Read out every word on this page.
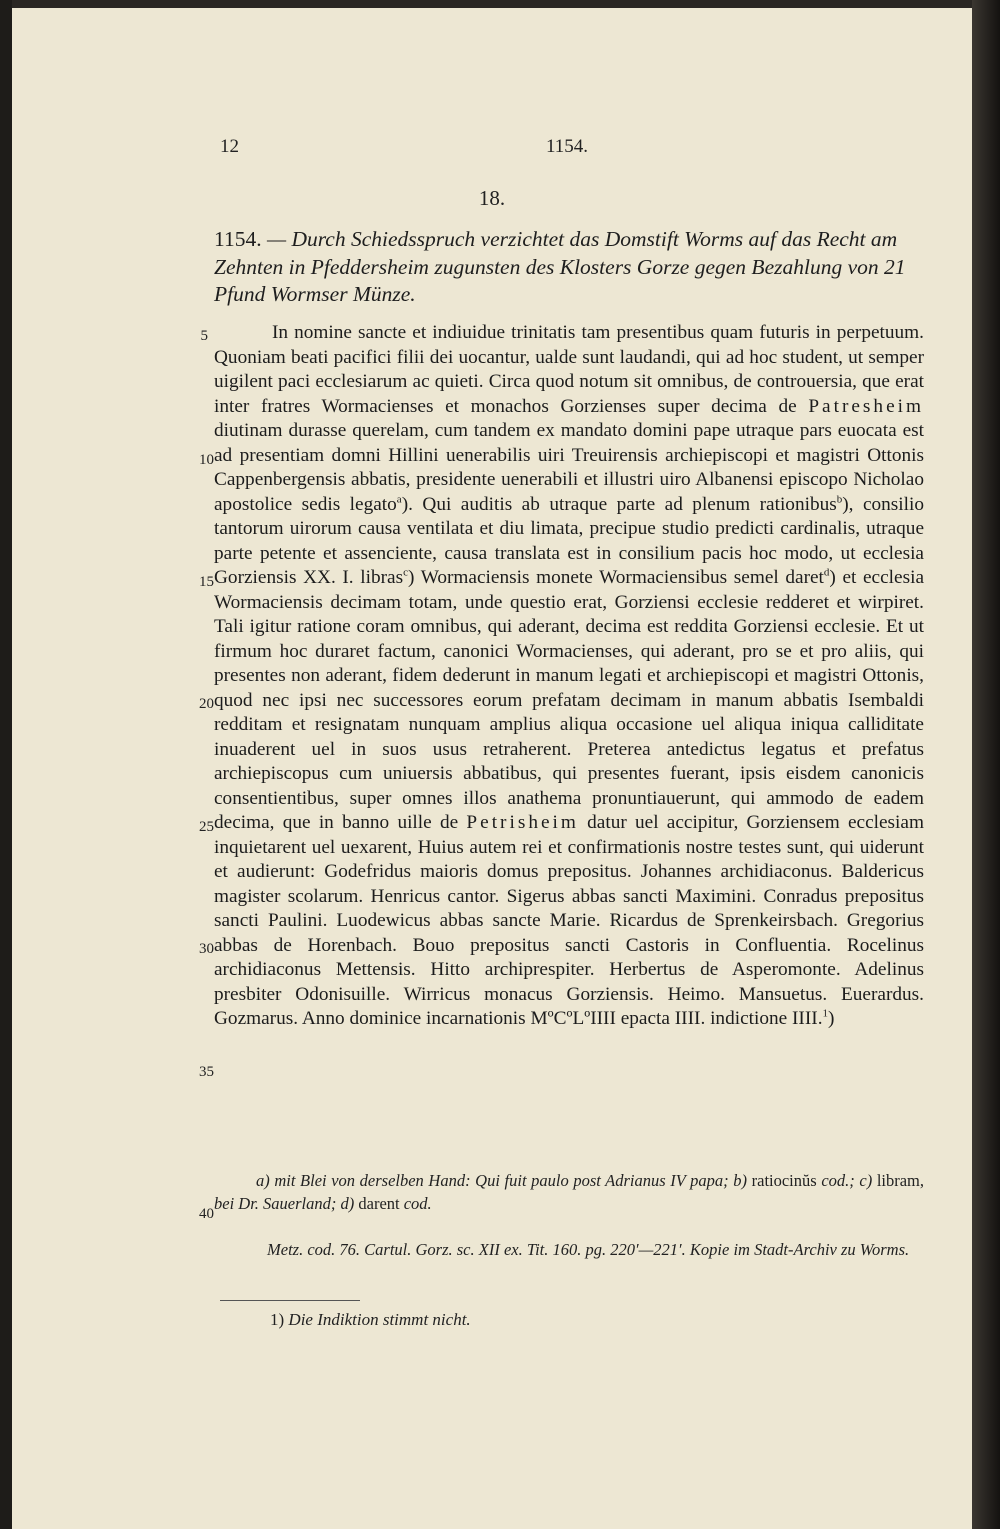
12	1154.
18.
1154. — Durch Schiedsspruch verzichtet das Domstift Worms auf das Recht am Zehnten in Pfeddersheim zugunsten des Klosters Gorze gegen Bezahlung von 21 Pfund Wormser Münze.
5
10
15
20
25
30
35
40

In nomine sancte et indiuidue trinitatis tam presentibus quam futuris in perpetuum. Quoniam beati pacifici filii dei uocantur, ualde sunt laudandi, qui ad hoc student, ut semper uigilent paci ecclesiarum ac quieti. Circa quod notum sit omnibus, de controuersia, que erat inter fratres Wormacienses et monachos Gorzienses super decima de Patresheim diutinam durasse querelam, cum tandem ex mandato domini pape utraque pars euocata est ad presentiam domni Hillini uenerabilis uiri Treuirensis archiepiscopi et magistri Ottonis Cappenbergensis abbatis, presidente uenerabili et illustri uiro Albanensi episcopo Nicholao apostolice sedis legato$^a$). Qui auditis ab utraque parte ad plenum rationibus$^b$), consilio tantorum uirorum causa ventilata et diu limata, precipue studio predicti cardinalis, utraque parte petente et assenciente, causa translata est in consilium pacis hoc modo, ut ecclesia Gorziensis XX. I. libras$^c$) Wormaciensis monete Wormaciensibus semel daret$^d$) et ecclesia Wormaciensis decimam totam, unde questio erat, Gorziensi ecclesie redderet et wirpiret. Tali igitur ratione coram omnibus, qui aderant, decima est reddita Gorziensi ecclesie. Et ut firmum hoc duraret factum, canonici Wormacienses, qui aderant, pro se et pro aliis, qui presentes non aderant, fidem dederunt in manum legati et archiepiscopi et magistri Ottonis, quod nec ipsi nec successores eorum prefatam decimam in manum abbatis Isembaldi redditam et resignatam nunquam amplius aliqua occasione uel aliqua iniqua calliditate inuaderent uel in suos usus retraherent. Preterea antedictus legatus et prefatus archiepiscopus cum uniuersis abbatibus, qui presentes fuerant, ipsis eisdem canonicis consentientibus, super omnes illos anathema pronuntiauerunt, qui ammodo de eadem decima, que in banno uille de Petrisheim datur uel accipitur, Gorziensem ecclesiam inquietarent uel uexarent, Huius autem rei et confirmationis nostre testes sunt, qui uiderunt et audierunt: Godefridus maioris domus prepositus. Johannes archidiaconus. Baldericus magister scolarum. Henricus cantor. Sigerus abbas sancti Maximini. Conradus prepositus sancti Paulini. Luodewicus abbas sancte Marie. Ricardus de Sprenkeirsbach. Gregorius abbas de Horenbach. Bouo prepositus sancti Castoris in Confluentia. Rocelinus archidiaconus Mettensis. Hitto archiprespiter. Herbertus de Asperomonte. Adelinus presbiter Odonisuille. Wirricus monacus Gorziensis. Heimo. Mansuetus. Euerardus. Gozmarus. Anno dominice incarnationis MºCºLºIIII epacta IIII. indictione IIII.$^1$)

a) mit Blei von derselben Hand: Qui fuit paulo post Adrianus IV papa; b) ratiocinŭs cod.; c) libram, bei Dr. Sauerland; d) darent cod.

Metz. cod. 76. Cartul. Gorz. sc. XII ex. Tit. 160. pg. 220′—221′. Kopie im Stadt-Archiv zu Worms.
1) Die Indiktion stimmt nicht.
